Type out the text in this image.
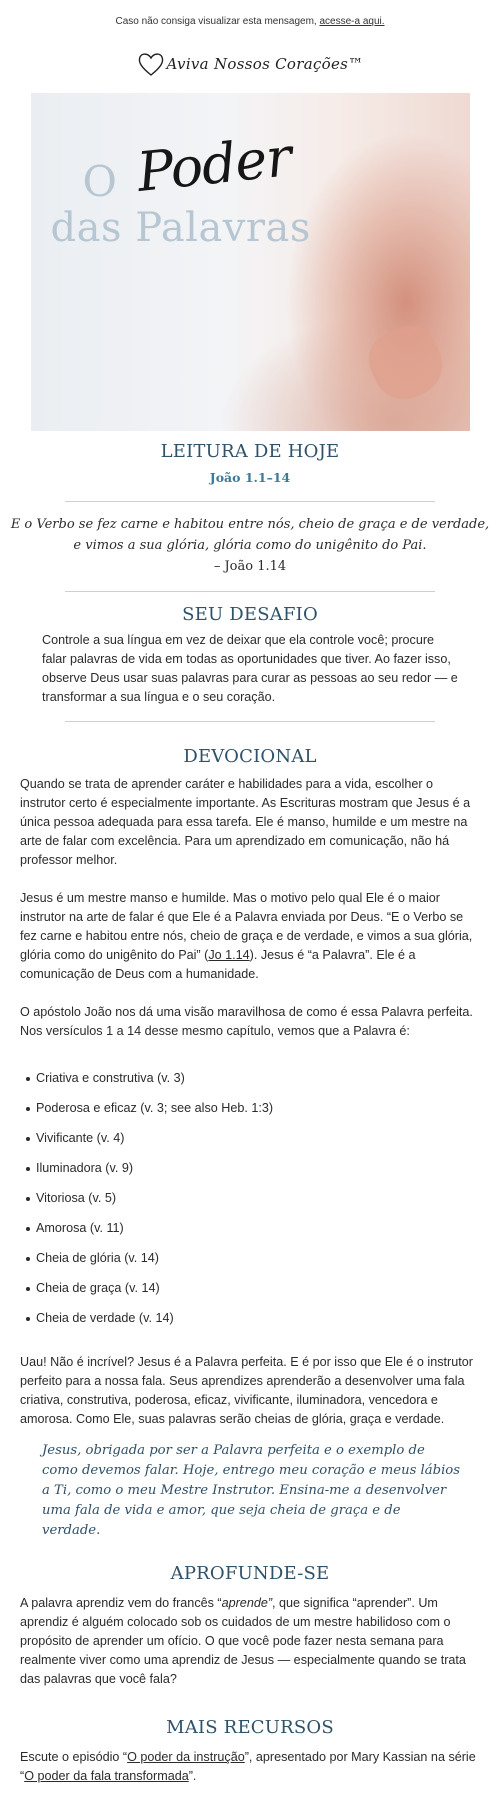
Caso não consiga visualizar esta mensagem, acesse-a aqui.
Aviva Nossos Corações™
O Poder
das Palavras
LEITURA DE HOJE
João 1.1–14
E o Verbo se fez carne e habitou entre nós, cheio de graça e de verdade,
e vimos a sua glória, glória como do unigênito do Pai.
– João 1.14
SEU DESAFIO
Controle a sua língua em vez de deixar que ela controle você; procure falar palavras de vida em todas as oportunidades que tiver. Ao fazer isso, observe Deus usar suas palavras para curar as pessoas ao seu redor — e transformar a sua língua e o seu coração.
DEVOCIONAL
Quando se trata de aprender caráter e habilidades para a vida, escolher o instrutor certo é especialmente importante. As Escrituras mostram que Jesus é a única pessoa adequada para essa tarefa. Ele é manso, humilde e um mestre na arte de falar com excelência. Para um aprendizado em comunicação, não há professor melhor.
Jesus é um mestre manso e humilde. Mas o motivo pelo qual Ele é o maior instrutor na arte de falar é que Ele é a Palavra enviada por Deus. “E o Verbo se fez carne e habitou entre nós, cheio de graça e de verdade, e vimos a sua glória, glória como do unigênito do Pai” (Jo 1.14). Jesus é “a Palavra”. Ele é a comunicação de Deus com a humanidade.
O apóstolo João nos dá uma visão maravilhosa de como é essa Palavra perfeita. Nos versículos 1 a 14 desse mesmo capítulo, vemos que a Palavra é:
Criativa e construtiva (v. 3)
Poderosa e eficaz (v. 3; see also Heb. 1:3)
Vivificante (v. 4)
Iluminadora (v. 9)
Vitoriosa (v. 5)
Amorosa (v. 11)
Cheia de glória (v. 14)
Cheia de graça (v. 14)
Cheia de verdade (v. 14)
Uau! Não é incrível? Jesus é a Palavra perfeita. E é por isso que Ele é o instrutor perfeito para a nossa fala. Seus aprendizes aprenderão a desenvolver uma fala criativa, construtiva, poderosa, eficaz, vivificante, iluminadora, vencedora e amorosa. Como Ele, suas palavras serão cheias de glória, graça e verdade.
Jesus, obrigada por ser a Palavra perfeita e o exemplo de como devemos falar. Hoje, entrego meu coração e meus lábios a Ti, como o meu Mestre Instrutor. Ensina-me a desenvolver uma fala de vida e amor, que seja cheia de graça e de verdade.
APROFUNDE-SE
A palavra aprendiz vem do francês “aprende”, que significa “aprender”. Um aprendiz é alguém colocado sob os cuidados de um mestre habilidoso com o propósito de aprender um ofício. O que você pode fazer nesta semana para realmente viver como uma aprendiz de Jesus — especialmente quando se trata das palavras que você fala?
MAIS RECURSOS
Escute o episódio “O poder da instrução”, apresentado por Mary Kassian na série “O poder da fala transformada”.
